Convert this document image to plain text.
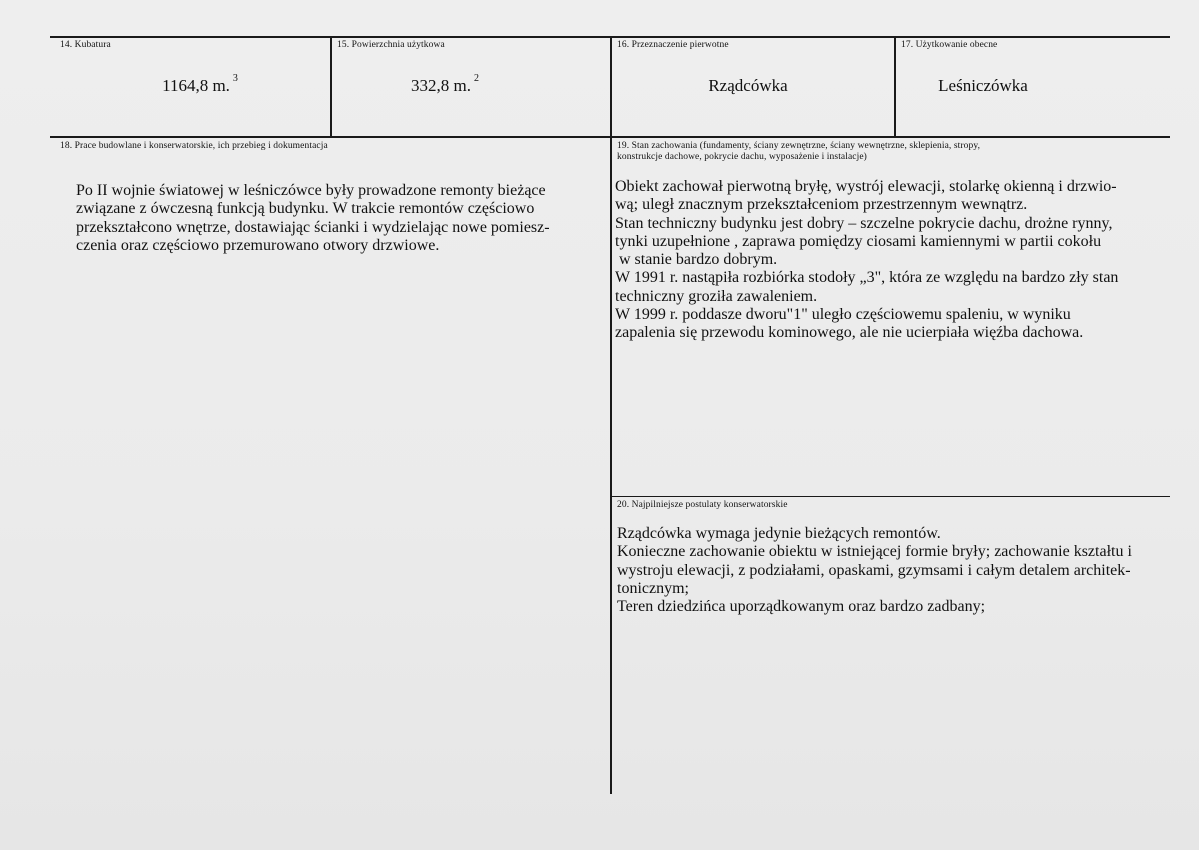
14. Kubatura
1164,8 m. $^3$
15. Powierzchnia użytkowa
332,8 m. $^2$
16. Przeznaczenie pierwotne
Rządcówka
17. Użytkowanie obecne
Leśniczówka
18. Prace budowlane i konserwatorskie, ich przebieg i dokumentacja

Po II wojnie światowej w leśniczówce były prowadzone remonty bieżące

związane z ówczesną funkcją budynku. W trakcie remontów częściowo

przekształcono wnętrze, dostawiając ścianki i wydzielając nowe pomiesz-

czenia oraz częściowo przemurowano otwory drzwiowe.

19. Stan zachowania (fundamenty, ściany zewnętrzne, ściany wewnętrzne, sklepienia, stropy,
konstrukcje dachowe, pokrycie dachu, wyposażenie i instalacje)

Obiekt zachował pierwotną bryłę, wystrój elewacji, stolarkę okienną i drzwio-

wą; uległ znacznym przekształceniom przestrzennym wewnątrz.

Stan techniczny budynku jest dobry – szczelne pokrycie dachu, drożne rynny,

tynki uzupełnione , zaprawa pomiędzy ciosami kamiennymi w partii cokołu

w stanie bardzo dobrym.

W 1991 r. nastąpiła rozbiórka stodoły „3", która ze względu na bardzo zły stan

techniczny groziła zawaleniem.

W 1999 r. poddasze dworu"1" uległo częściowemu spaleniu, w wyniku

zapalenia się przewodu kominowego, ale nie ucierpiała więźba dachowa.

20. Najpilniejsze postulaty konserwatorskie

Rządcówka wymaga jedynie bieżących remontów.

Konieczne zachowanie obiektu w istniejącej formie bryły; zachowanie kształtu i

wystroju elewacji, z podziałami, opaskami, gzymsami i całym detalem architek-

tonicznym;

Teren dziedzińca uporządkowanym oraz bardzo zadbany;
